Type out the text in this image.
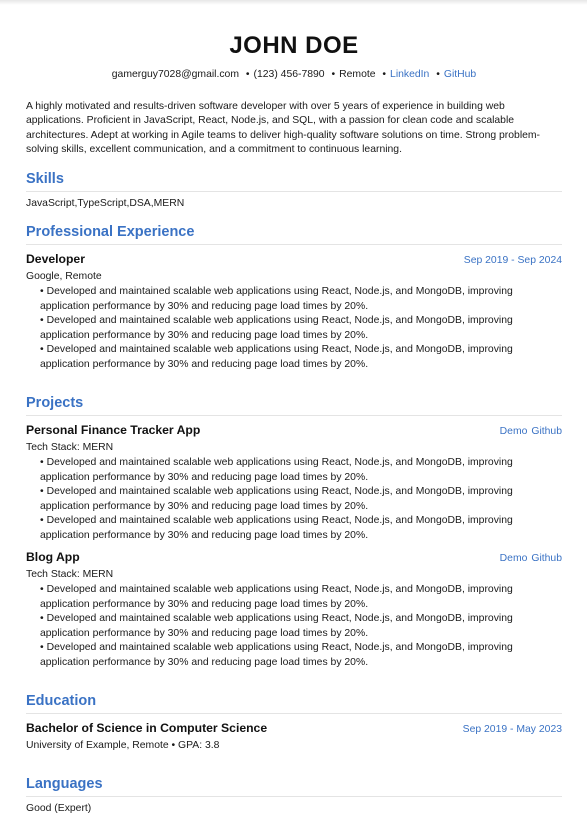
JOHN DOE
gamerguy7028@gmail.com • (123) 456-7890 • Remote • LinkedIn • GitHub
A highly motivated and results-driven software developer with over 5 years of experience in building web applications. Proficient in JavaScript, React, Node.js, and SQL, with a passion for clean code and scalable architectures. Adept at working in Agile teams to deliver high-quality software solutions on time. Strong problem-solving skills, excellent communication, and a commitment to continuous learning.
Skills
JavaScript,TypeScript,DSA,MERN
Professional Experience
Developer	Sep 2019 - Sep 2024
Google, Remote
• Developed and maintained scalable web applications using React, Node.js, and MongoDB, improving application performance by 30% and reducing page load times by 20%.
• Developed and maintained scalable web applications using React, Node.js, and MongoDB, improving application performance by 30% and reducing page load times by 20%.
• Developed and maintained scalable web applications using React, Node.js, and MongoDB, improving application performance by 30% and reducing page load times by 20%.
Projects
Personal Finance Tracker App	Demo Github
Tech Stack: MERN
• Developed and maintained scalable web applications using React, Node.js, and MongoDB, improving application performance by 30% and reducing page load times by 20%.
• Developed and maintained scalable web applications using React, Node.js, and MongoDB, improving application performance by 30% and reducing page load times by 20%.
• Developed and maintained scalable web applications using React, Node.js, and MongoDB, improving application performance by 30% and reducing page load times by 20%.
Blog App	Demo Github
Tech Stack: MERN
• Developed and maintained scalable web applications using React, Node.js, and MongoDB, improving application performance by 30% and reducing page load times by 20%.
• Developed and maintained scalable web applications using React, Node.js, and MongoDB, improving application performance by 30% and reducing page load times by 20%.
• Developed and maintained scalable web applications using React, Node.js, and MongoDB, improving application performance by 30% and reducing page load times by 20%.
Education
Bachelor of Science in Computer Science	Sep 2019 - May 2023
University of Example, Remote • GPA: 3.8
Languages
Good (Expert)
